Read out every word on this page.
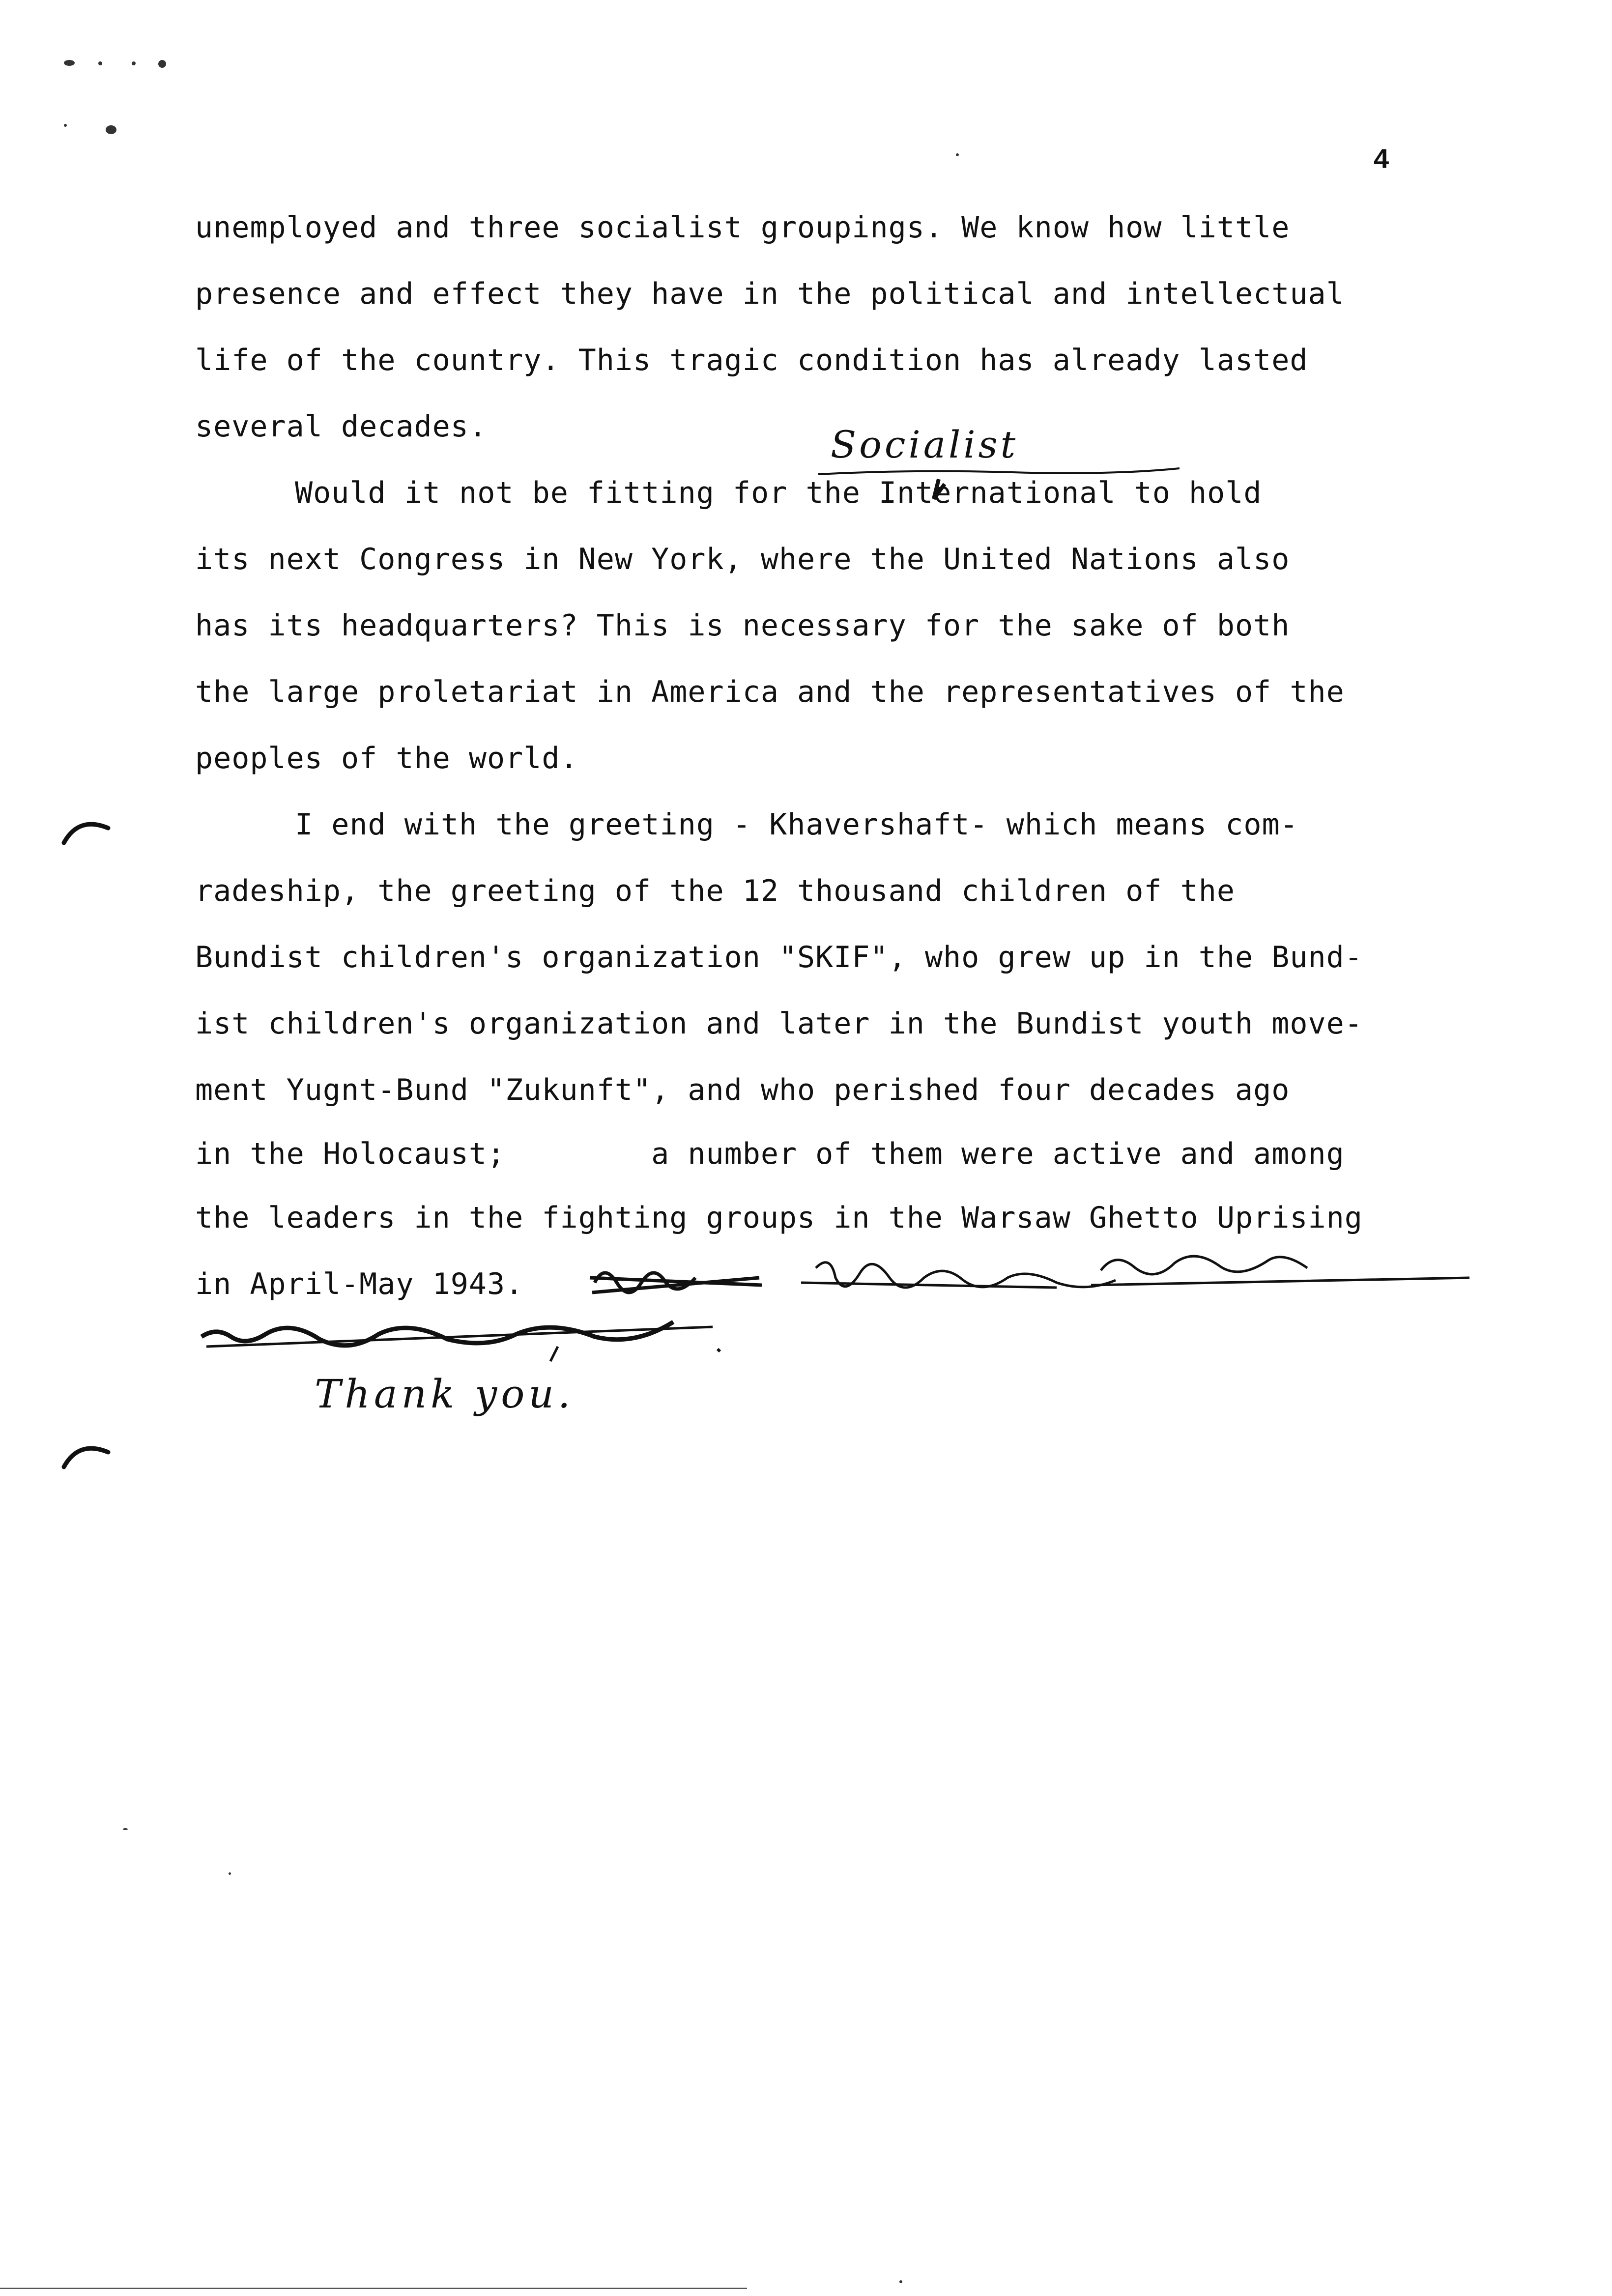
4
unemployed and three socialist groupings. We know how little
presence and effect they have in the political and intellectual
life of the country. This tragic condition has already lasted
several decades.	Socialist
Would it not be fitting for the International to hold
its next Congress in New York, where the United Nations also
has its headquarters? This is necessary for the sake of both
the large proletariat in America and the representatives of the
peoples of the world.
I end with the greeting - Khavershaft- which means com-
radeship, the greeting of the 12 thousand children of the
Bundist children's organization "SKIF", who grew up in the Bund-
ist children's organization and later in the Bundist youth move-
ment Yugnt-Bund "Zukunft", and who perished four decades ago
in the Holocaust;        a number of them were active and among
the leaders in the fighting groups in the Warsaw Ghetto Uprising
in April-May 1943.
Thank you.
